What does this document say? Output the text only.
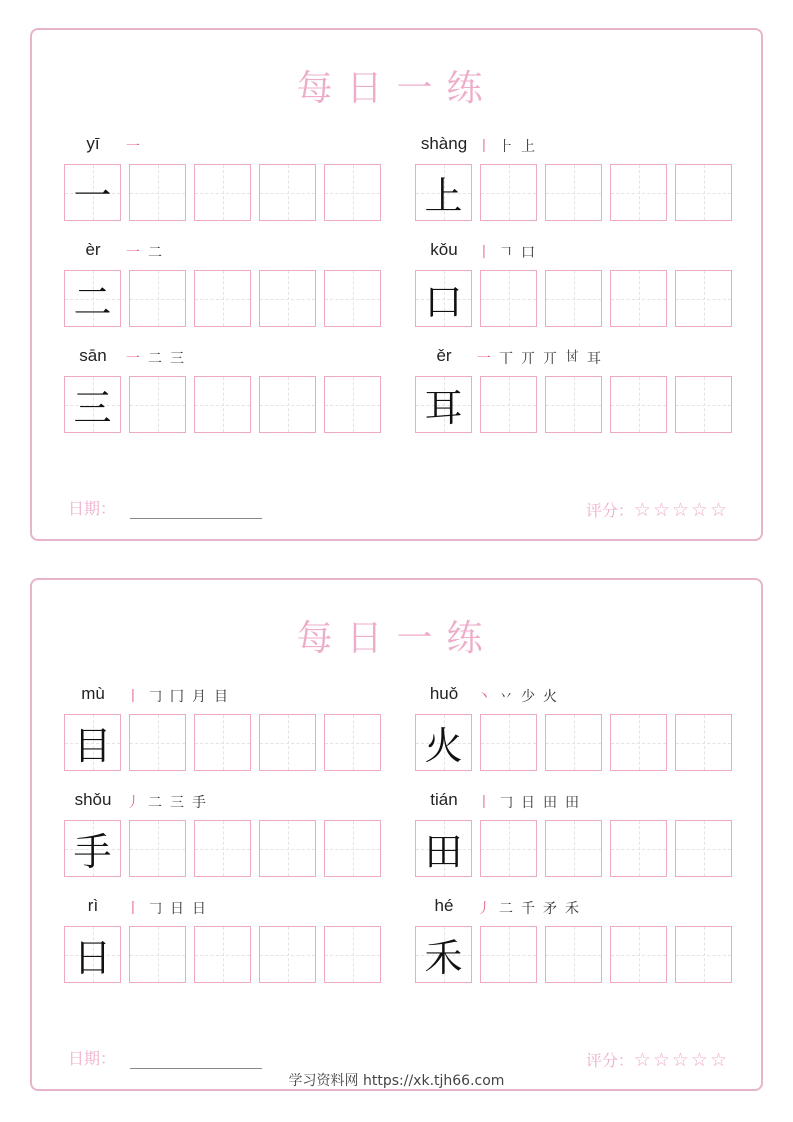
每日一练
yī	一
一
shàng 丨 ⺊ 上
上
èr	一 二
二
kǒu	丨 𠃍 口
口
sān	一 二 三
三
ěr	一 丅 丌 丌 𠀠 耳
耳
日期：	评分：☆☆☆☆☆
每日一练
mù	丨 𠃌 冂 月 目
目
huǒ	丶 丷 少 火
火
shǒu	丿 二 三 手
手
tián	丨 𠃌 日 田 田
田
rì	丨 𠃌 日 日
日
hé	丿 二 千 矛 禾
禾
日期：	评分：☆☆☆☆☆
学习资料网 https://xk.tjh66.com
